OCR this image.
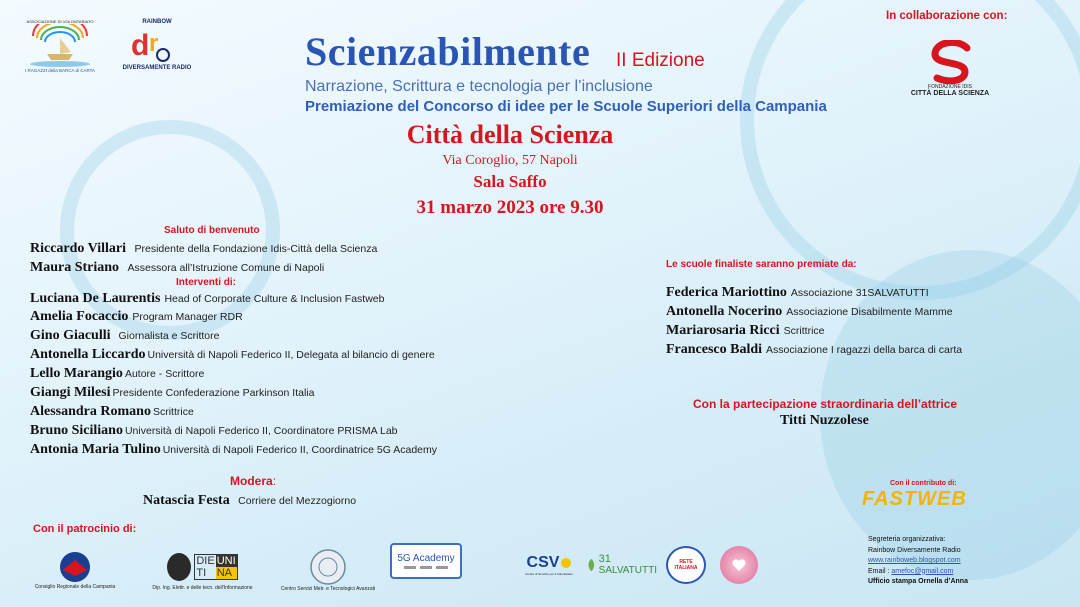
ASSOCIAZIONE DI VOLONTARIATO
I RAGAZZI della BARCA di CARTA
RAINBOW
d r
DIVERSAMENTE RADIO	Scienzabilmente II Edizione
Narrazione, Scrittura e tecnologia per l’inclusione
Premiazione del Concorso di idee per le Scuole Superiori della Campania
Città della Scienza
Via Coroglio, 57 Napoli
Sala Saffo
31 marzo 2023 ore 9.30
In collaborazione con:
FONDAZIONE IDIS
CITTÀ DELLA SCIENZA
Saluto di benvenuto
Riccardo Villari Presidente della Fondazione Idis-Città della Scienza
Maura Striano Assessora all’Istruzione Comune di Napoli
Interventi di:
Luciana De Laurentis Head of Corporate Culture & Inclusion Fastweb
Amelia Focaccio Program Manager RDR
Gino Giaculli Giornalista e Scrittore
Antonella Liccardo Università di Napoli Federico II, Delegata al bilancio di genere
Lello Marangio Autore - Scrittore
Giangi Milesi Presidente Confederazione Parkinson Italia
Alessandra Romano Scrittrice
Bruno Siciliano Università di Napoli Federico II, Coordinatore PRISMA Lab
Antonia Maria Tulino Università di Napoli Federico II, Coordinatrice 5G Academy
Modera:
Natascia Festa Corriere del Mezzogiorno
Le scuole finaliste saranno premiate da:
Federica Mariottino Associazione 31SALVATUTTI
Antonella Nocerino Associazione Disabilmente Mamme
Mariarosaria Ricci Scrittrice
Francesco Baldi Associazione I ragazzi della barca di carta
Con la partecipazione straordinaria dell’attrice
Titti Nuzzolese
Con il contributo di:
FASTWEB
Con il patrocinio di:
Consiglio Regionale della Campania
DIE UNI
TI NA
Dip. Ing. Elettr. e delle tecn. dell'Informazione	Centro Servizi Metr. e Tecnologici Avanzati
5G Academy	CSV
Centro di Servizio per il Volontariato
31
SALVATUTTI
RETE ITALIANA
Segreteria organizzativa:
Rainbow Diversamente Radio
www.rainboweb.blogspot.com
Email : amefoc@gmail.com
Ufficio stampa Ornella d’Anna
